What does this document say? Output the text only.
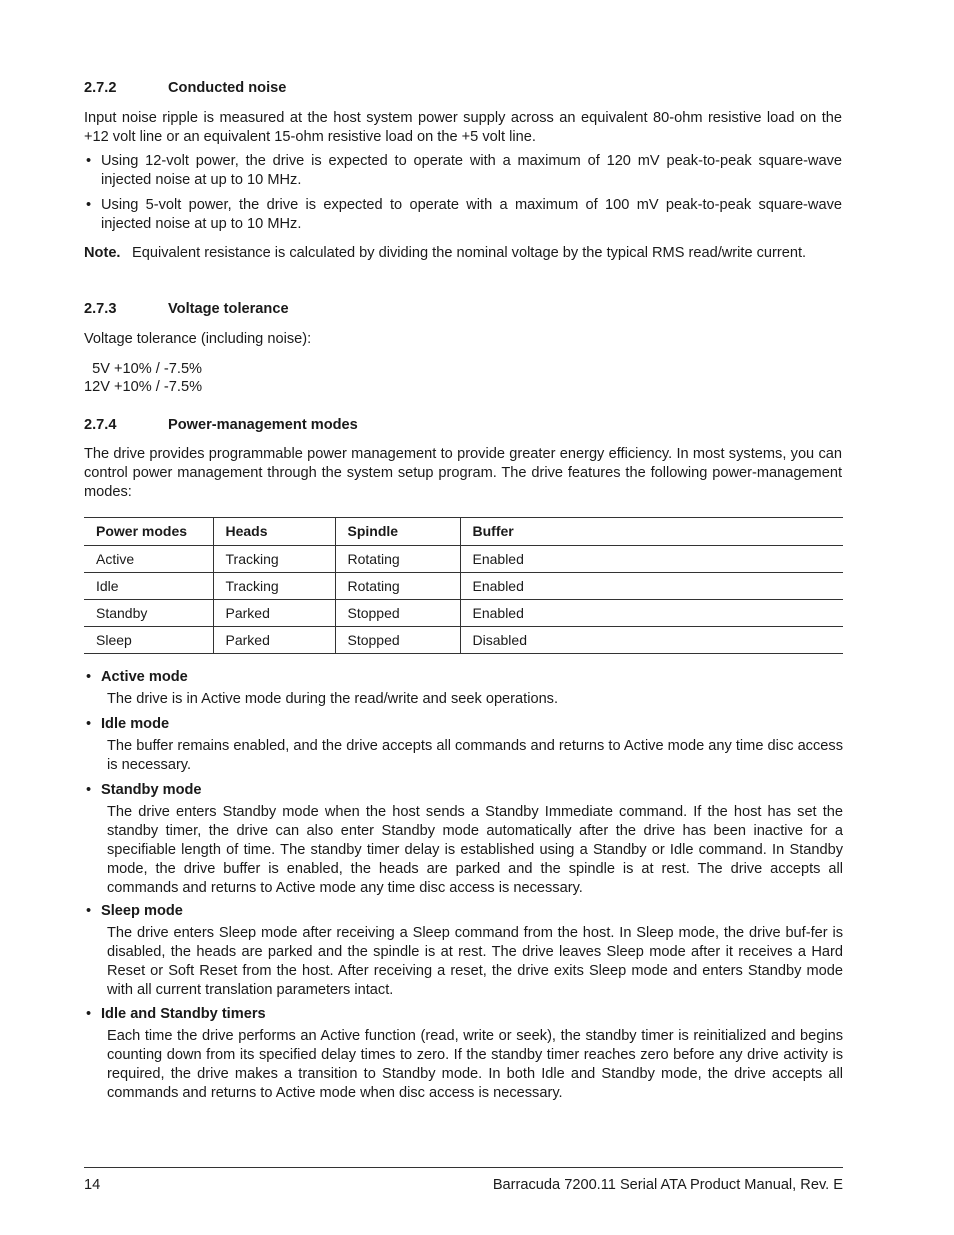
2.7.2	Conducted noise
Input noise ripple is measured at the host system power supply across an equivalent 80-ohm resistive load on the +12 volt line or an equivalent 15-ohm resistive load on the +5 volt line.
• Using 12-volt power, the drive is expected to operate with a maximum of 120 mV peak-to-peak square-wave injected noise at up to 10 MHz.
• Using 5-volt power, the drive is expected to operate with a maximum of 100 mV peak-to-peak square-wave injected noise at up to 10 MHz.
Note. Equivalent resistance is calculated by dividing the nominal voltage by the typical RMS read/write current.
2.7.3	Voltage tolerance
Voltage tolerance (including noise):
5V +10% / -7.5%
12V +10% / -7.5%
2.7.4	Power-management modes
The drive provides programmable power management to provide greater energy efficiency. In most systems, you can control power management through the system setup program. The drive features the following power-management modes:
Power modes	Heads	Spindle	Buffer
Active	Tracking	Rotating	Enabled
Idle	Tracking	Rotating	Enabled
Standby	Parked	Stopped	Enabled
Sleep	Parked	Stopped	Disabled
• Active mode
The drive is in Active mode during the read/write and seek operations.
• Idle mode
The buffer remains enabled, and the drive accepts all commands and returns to Active mode any time disc access is necessary.
• Standby mode
The drive enters Standby mode when the host sends a Standby Immediate command. If the host has set the standby timer, the drive can also enter Standby mode automatically after the drive has been inactive for a specifiable length of time. The standby timer delay is established using a Standby or Idle command. In Standby mode, the drive buffer is enabled, the heads are parked and the spindle is at rest. The drive accepts all commands and returns to Active mode any time disc access is necessary.
• Sleep mode
The drive enters Sleep mode after receiving a Sleep command from the host. In Sleep mode, the drive buf-fer is disabled, the heads are parked and the spindle is at rest. The drive leaves Sleep mode after it receives a Hard Reset or Soft Reset from the host. After receiving a reset, the drive exits Sleep mode and enters Standby mode with all current translation parameters intact.
• Idle and Standby timers
Each time the drive performs an Active function (read, write or seek), the standby timer is reinitialized and begins counting down from its specified delay times to zero. If the standby timer reaches zero before any drive activity is required, the drive makes a transition to Standby mode. In both Idle and Standby mode, the drive accepts all commands and returns to Active mode when disc access is necessary.
14	Barracuda 7200.11 Serial ATA Product Manual, Rev. E
